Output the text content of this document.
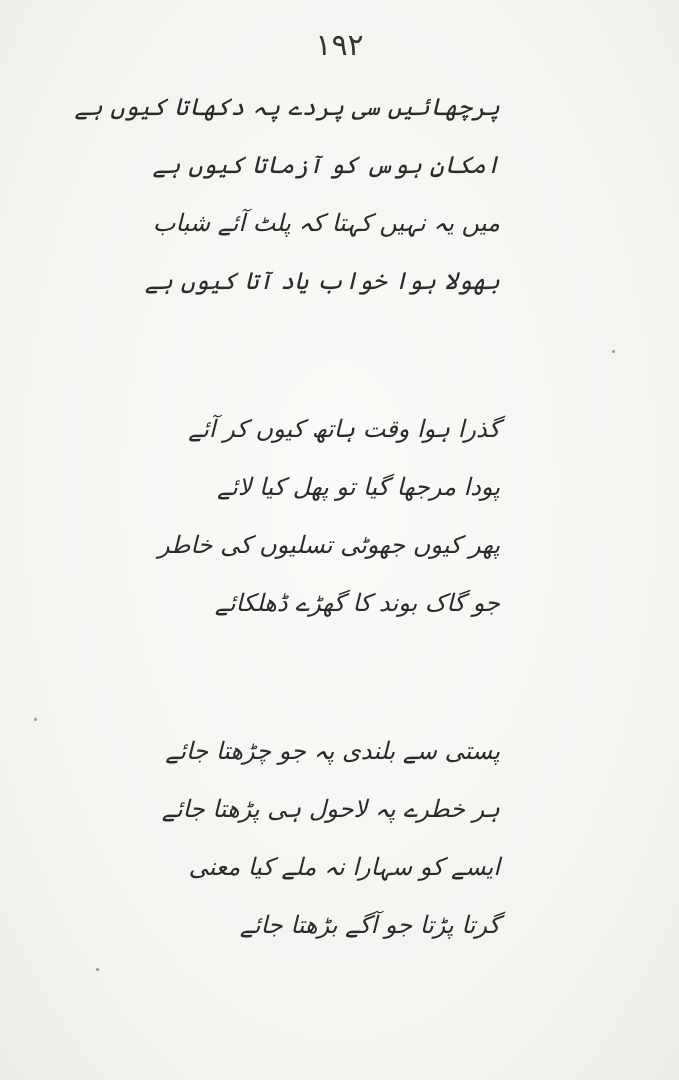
١٩٢
پرچھائیں سی پردے پہ دکھاتا کیوں ہے
امکانِ ہوس کو آزماتا کیوں ہے
میں یہ نہیں کہتا کہ پلٹ آئے شباب
بھولا ہوا خواب یاد آتا کیوں ہے
گذرا ہوا وقت ہاتھ کیوں کر آئے
پودا مرجھا گیا تو پھل کیا لائے
پھر کیوں جھوٹی تسلیوں کی خاطر
جو گاک بوند کا گھڑے ڈھلکائے
پستی سے بلندی پہ جو چڑھتا جائے
ہر خطرے پہ لاحول ہی پڑھتا جائے
ایسے کو سہارا نہ ملے کیا معنی
گرتا پڑتا جو آگے بڑھتا جائے
